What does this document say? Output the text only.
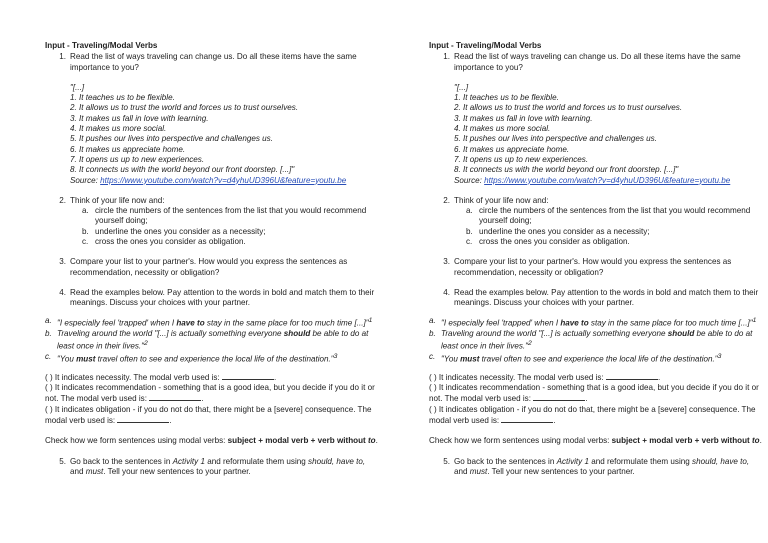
Input - Traveling/Modal Verbs
1. Read the list of ways traveling can change us. Do all these items have the same importance to you?
"[...]
1. It teaches us to be flexible.
2. It allows us to trust the world and forces us to trust ourselves.
3. It makes us fall in love with learning.
4. It makes us more social.
5. It pushes our lives into perspective and challenges us.
6. It makes us appreciate home.
7. It opens us up to new experiences.
8. It connects us with the world beyond our front doorstep. [...]"
Source: https://www.youtube.com/watch?v=d4yhuUD396U&feature=youtu.be
2. Think of your life now and:
a. circle the numbers of the sentences from the list that you would recommend yourself doing;
b. underline the ones you consider as a necessity;
c. cross the ones you consider as obligation.
3. Compare your list to your partner's. How would you express the sentences as recommendation, necessity or obligation?
4. Read the examples below. Pay attention to the words in bold and match them to their meanings. Discuss your choices with your partner.
a. "I especially feel 'trapped' when I have to stay in the same place for too much time [...]"$^1$
b. Traveling around the world "[...] is actually something everyone should be able to do at least once in their lives."$^2$
c. "You must travel often to see and experience the local life of the destination."$^3$
( ) It indicates necessity. The modal verb used is:	.
( ) It indicates recommendation - something that is a good idea, but you decide if you do it or not. The modal verb used is:	.
( ) It indicates obligation - if you do not do that, there might be a [severe] consequence. The modal verb used is:	.
Check how we form sentences using modal verbs: subject + modal verb + verb without to.
5. Go back to the sentences in Activity 1 and reformulate them using should, have to, and must. Tell your new sentences to your partner.
Input - Traveling/Modal Verbs
1. Read the list of ways traveling can change us. Do all these items have the same importance to you?
"[...]
1. It teaches us to be flexible.
2. It allows us to trust the world and forces us to trust ourselves.
3. It makes us fall in love with learning.
4. It makes us more social.
5. It pushes our lives into perspective and challenges us.
6. It makes us appreciate home.
7. It opens us up to new experiences.
8. It connects us with the world beyond our front doorstep. [...]"
Source: https://www.youtube.com/watch?v=d4yhuUD396U&feature=youtu.be
2. Think of your life now and:
a. circle the numbers of the sentences from the list that you would recommend yourself doing;
b. underline the ones you consider as a necessity;
c. cross the ones you consider as obligation.
3. Compare your list to your partner's. How would you express the sentences as recommendation, necessity or obligation?
4. Read the examples below. Pay attention to the words in bold and match them to their meanings. Discuss your choices with your partner.
a. "I especially feel 'trapped' when I have to stay in the same place for too much time [...]"$^1$
b. Traveling around the world "[...] is actually something everyone should be able to do at least once in their lives."$^2$
c. "You must travel often to see and experience the local life of the destination."$^3$
( ) It indicates necessity. The modal verb used is:	.
( ) It indicates recommendation - something that is a good idea, but you decide if you do it or not. The modal verb used is:	.
( ) It indicates obligation - if you do not do that, there might be a [severe] consequence. The modal verb used is:	.
Check how we form sentences using modal verbs: subject + modal verb + verb without to.
5. Go back to the sentences in Activity 1 and reformulate them using should, have to, and must. Tell your new sentences to your partner.
